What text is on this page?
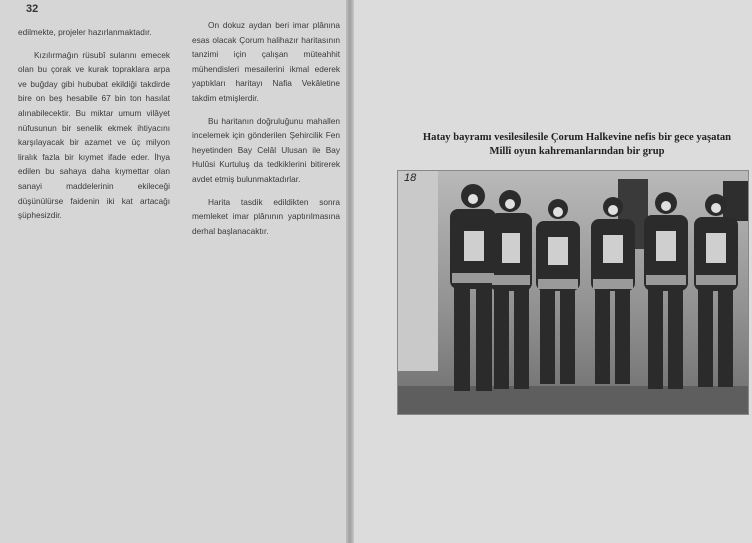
32

edilmekte, projeler hazırlanmaktadır.

Kızılırmağın rüsubî sularını emecek olan bu çorak ve kurak topraklara arpa ve buğday gibi hububat ekildiği takdirde bire on beş hesabile 67 bin ton hasılat alınabilecektir. Bu miktar umum vilâyet nüfusunun bir senelik ekmek ihtiyacını karşılayacak bir azamet ve üç milyon liralık fazla bir kıymet ifade eder. İhya edilen bu sahaya daha kıymettar olan sanayi maddelerinin ekileceği düşünülürse faidenin iki kat artacağı şüphesizdir.

On dokuz aydan beri imar plânına esas olacak Çorum halihazır haritasının tanzimi için çalışan müteahhit mühendisleri mesailerini ikmal ederek yaptıkları haritayı Nafia Vekâletine takdim etmişlerdir.

Bu haritanın doğruluğunu mahallen incelemek için gönderilen Şehircilik Fen heyetinden Bay Celâl Ulusan ile Bay Hulûsi Kurtuluş da tedkiklerini bitirerek avdet etmiş bulunmaktadırlar.

Harita tasdik edildikten sonra memleket imar plânının yaptırılmasına derhal başlanacaktır.

Hatay bayramı vesilesilesile Çorum Halkevine nefis bir gece yaşatan
Millî oyun kahremanlarından bir grup
18
